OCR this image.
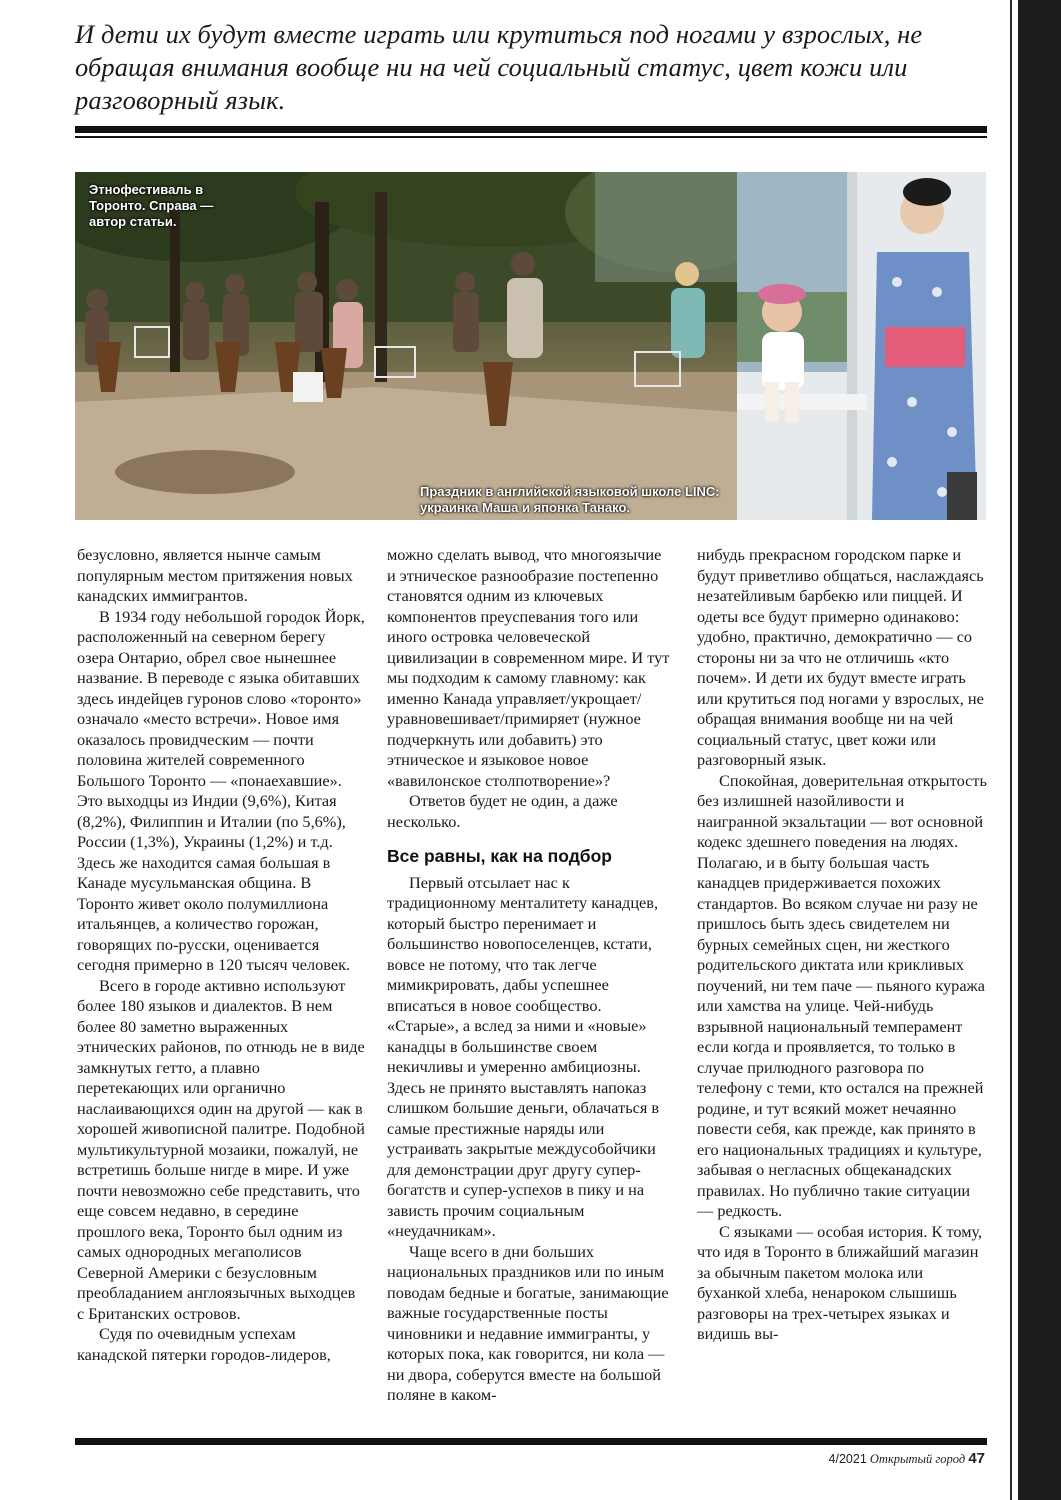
И дети их будут вместе играть или крутиться под ногами у взрослых, не обращая внимания вообще ни на чей социальный статус, цвет кожи или разговорный язык.
Этнофестиваль в Торонто. Справа — автор статьи.
Праздник в английской языковой школе LINC: украинка Маша и японка Танако.

безусловно, является нынче самым популярным местом притяжения новых канадских иммигрантов.

В 1934 году небольшой городок Йорк, расположенный на северном берегу озера Онтарио, обрел свое нынешнее название. В переводе с языка обитавших здесь индейцев гуронов слово «торонто» означало «место встречи». Новое имя оказалось провидческим — почти половина жителей современного Большого Торонто — «понаехавшие». Это выходцы из Индии (9,6%), Китая (8,2%), Филиппин и Италии (по 5,6%), России (1,3%), Украины (1,2%) и т.д. Здесь же находится самая большая в Канаде мусульманская община. В Торонто живет около полумиллиона итальянцев, а количество горожан, говорящих по-русски, оценивается сегодня примерно в 120 тысяч человек.

Всего в городе активно используют более 180 языков и диалектов. В нем более 80 заметно выраженных этнических районов, по отнюдь не в виде замкнутых гетто, а плавно перетекающих или органично наслаивающихся один на другой — как в хорошей живописной палитре. Подобной мультикультурной мозаики, пожалуй, не встретишь больше нигде в мире. И уже почти невозможно себе представить, что еще совсем недавно, в середине прошлого века, Торонто был одним из самых однородных мегаполисов Северной Америки с безусловным преобладанием англоязычных выходцев с Британских островов.

Судя по очевидным успехам канадской пятерки городов-лидеров,

можно сделать вывод, что многоязычие и этническое разнообразие постепенно становятся одним из ключевых компонентов преуспевания того или иного островка человеческой цивилизации в современном мире. И тут мы подходим к самому главному: как именно Канада управляет/укрощает/уравновешивает/примиряет (нужное подчеркнуть или добавить) это этническое и языковое новое «вавилонское столпотворение»?

Ответов будет не один, а даже несколько.

Все равны, как на подбор

Первый отсылает нас к традиционному менталитету канадцев, который быстро перенимает и большинство новопоселенцев, кстати, вовсе не потому, что так легче мимикрировать, дабы успешнее вписаться в новое сообщество. «Старые», а вслед за ними и «новые» канадцы в большинстве своем некичливы и умеренно амбициозны. Здесь не принято выставлять напоказ слишком большие деньги, облачаться в самые престижные наряды или устраивать закрытые междусобойчики для демонстрации друг другу супер-богатств и супер-успехов в пику и на зависть прочим социальным «неудачникам».

Чаще всего в дни больших национальных праздников или по иным поводам бедные и богатые, занимающие важные государственные посты чиновники и недавние иммигранты, у которых пока, как говорится, ни кола — ни двора, соберутся вместе на большой поляне в каком-

нибудь прекрасном городском парке и будут приветливо общаться, наслаждаясь незатейливым барбекю или пиццей. И одеты все будут примерно одинаково: удобно, практично, демократично — со стороны ни за что не отличишь «кто почем». И дети их будут вместе играть или крутиться под ногами у взрослых, не обращая внимания вообще ни на чей социальный статус, цвет кожи или разговорный язык.

Спокойная, доверительная открытость без излишней назойливости и наигранной экзальтации — вот основной кодекс здешнего поведения на людях. Полагаю, и в быту большая часть канадцев придерживается похожих стандартов. Во всяком случае ни разу не пришлось быть здесь свидетелем ни бурных семейных сцен, ни жесткого родительского диктата или крикливых поучений, ни тем паче — пьяного куража или хамства на улице. Чей-нибудь взрывной национальный темперамент если когда и проявляется, то только в случае прилюдного разговора по телефону с теми, кто остался на прежней родине, и тут всякий может нечаянно повести себя, как прежде, как принято в его национальных традициях и культуре, забывая о негласных общеканадских правилах. Но публично такие ситуации — редкость.

С языками — особая история. К тому, что идя в Торонто в ближайший магазин за обычным пакетом молока или буханкой хлеба, ненароком слышишь разговоры на трех-четырех языках и видишь вы-

4/2021 Открытый город 47
